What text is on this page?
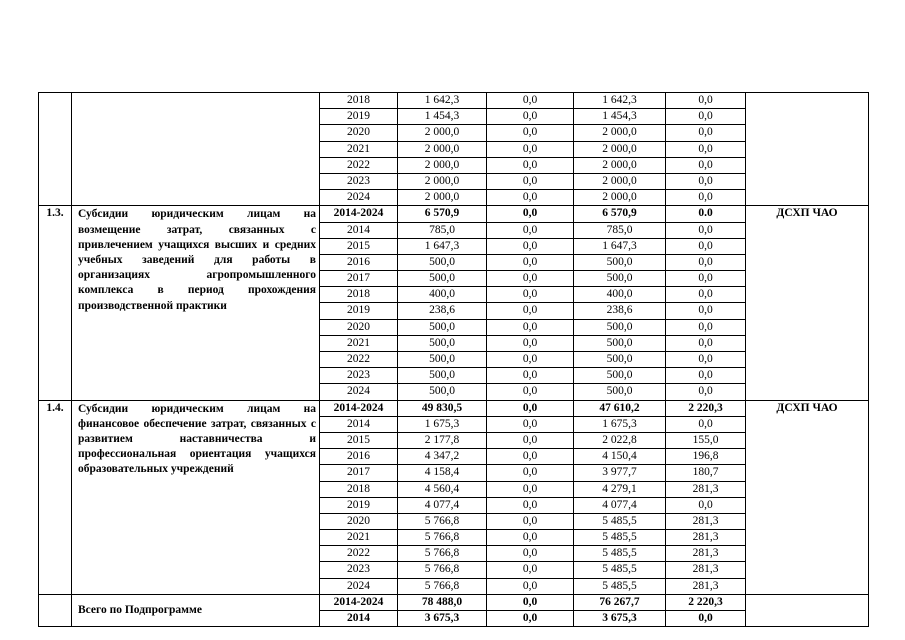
		2018	1 642,3	0,0	1 642,3	0,0	
		2019	1 454,3	0,0	1 454,3	0,0	
		2020	2 000,0	0,0	2 000,0	0,0	
		2021	2 000,0	0,0	2 000,0	0,0	
		2022	2 000,0	0,0	2 000,0	0,0	
		2023	2 000,0	0,0	2 000,0	0,0	
		2024	2 000,0	0,0	2 000,0	0,0	
1.3.	Субсидии юридическим лицам на возмещение затрат, связанных с привлечением учащихся высших и средних учебных заведений для работы в организациях агропромышленного комплекса в период прохождения производственной практики	2014-2024	6 570,9	0,0	6 570,9	0.0	ДСХП ЧАО
		2014	785,0	0,0	785,0	0,0	
		2015	1 647,3	0,0	1 647,3	0,0	
		2016	500,0	0,0	500,0	0,0	
		2017	500,0	0,0	500,0	0,0	
		2018	400,0	0,0	400,0	0,0	
		2019	238,6	0,0	238,6	0,0	
		2020	500,0	0,0	500,0	0,0	
		2021	500,0	0,0	500,0	0,0	
		2022	500,0	0,0	500,0	0,0	
		2023	500,0	0,0	500,0	0,0	
		2024	500,0	0,0	500,0	0,0	
1.4.	Субсидии юридическим лицам на финансовое обеспечение затрат, связанных с развитием наставничества и профессиональная ориентация учащихся образовательных учреждений	2014-2024	49 830,5	0,0	47 610,2	2 220,3	ДСХП ЧАО
		2014	1 675,3	0,0	1 675,3	0,0	
		2015	2 177,8	0,0	2 022,8	155,0	
		2016	4 347,2	0,0	4 150,4	196,8	
		2017	4 158,4	0,0	3 977,7	180,7	
		2018	4 560,4	0,0	4 279,1	281,3	
		2019	4 077,4	0,0	4 077,4	0,0	
		2020	5 766,8	0,0	5 485,5	281,3	
		2021	5 766,8	0,0	5 485,5	281,3	
		2022	5 766,8	0,0	5 485,5	281,3	
		2023	5 766,8	0,0	5 485,5	281,3	
		2024	5 766,8	0,0	5 485,5	281,3	
	Всего по Подпрограмме	2014-2024	78 488,0	0,0	76 267,7	2 220,3	
		2014	3 675,3	0,0	3 675,3	0,0	
